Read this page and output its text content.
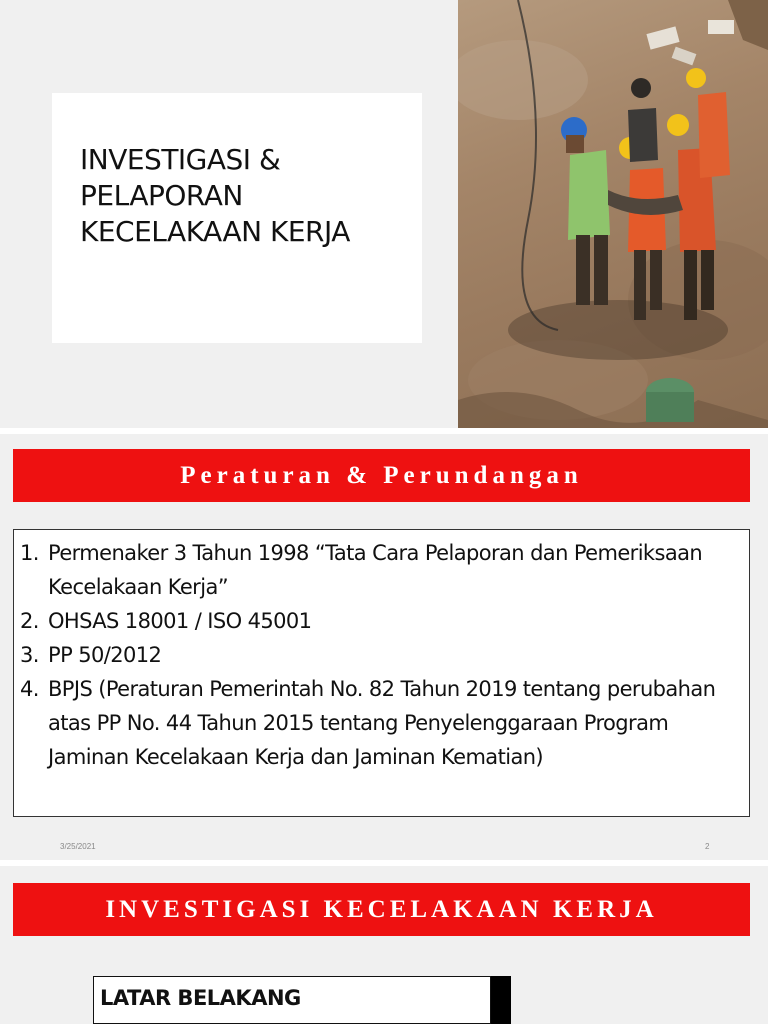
INVESTIGASI &
PELAPORAN
KECELAKAAN KERJA
Peraturan & Perundangan
1. Permenaker 3 Tahun 1998 “Tata Cara Pelaporan dan Pemeriksaan Kecelakaan Kerja”
2. OHSAS 18001 / ISO 45001
3. PP 50/2012
4. BPJS (Peraturan Pemerintah No. 82 Tahun 2019 tentang perubahan atas PP No. 44 Tahun 2015 tentang Penyelenggaraan Program Jaminan Kecelakaan Kerja dan Jaminan Kematian)
3/25/2021	2
INVESTIGASI KECELAKAAN KERJA
LATAR BELAKANG
